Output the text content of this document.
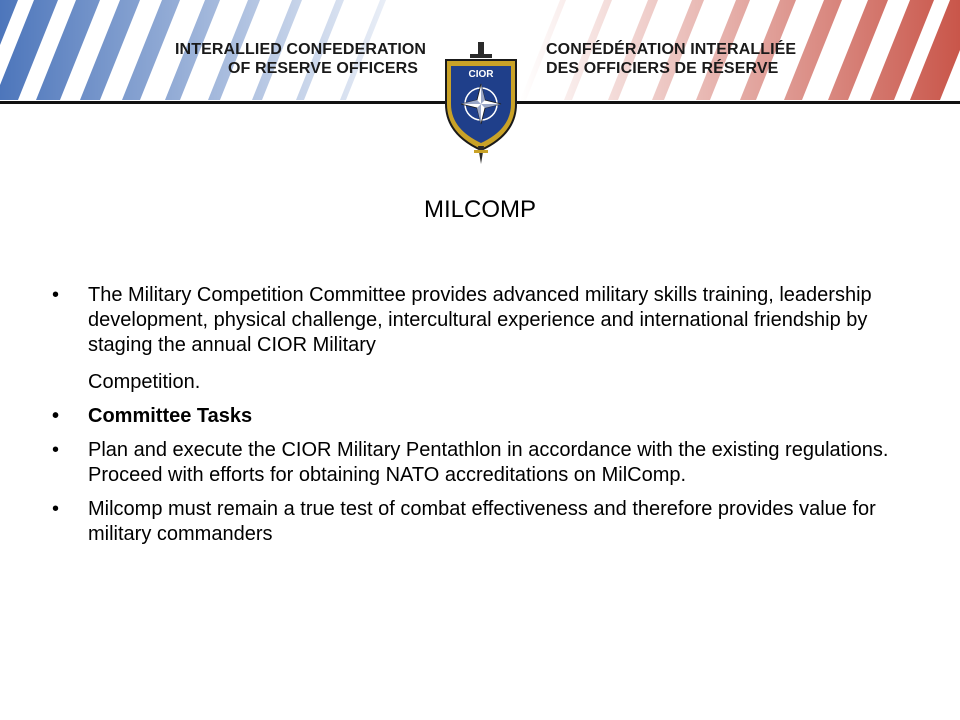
INTERALLIED CONFEDERATION
OF RESERVE OFFICERS
CONFÉDÉRATION INTERALLIÉE
DES OFFICIERS DE RÉSERVE
CIOR
MILCOMP
• The Military Competition Committee provides advanced military skills training, leadership development, physical challenge, intercultural experience and international friendship by staging the annual CIOR Military
Competition.
• Committee Tasks
• Plan and execute the CIOR Military Pentathlon in accordance with the existing regulations.
Proceed with efforts for obtaining NATO accreditations on MilComp.
• Milcomp must remain a true test of combat effectiveness and therefore provides value for military commanders
